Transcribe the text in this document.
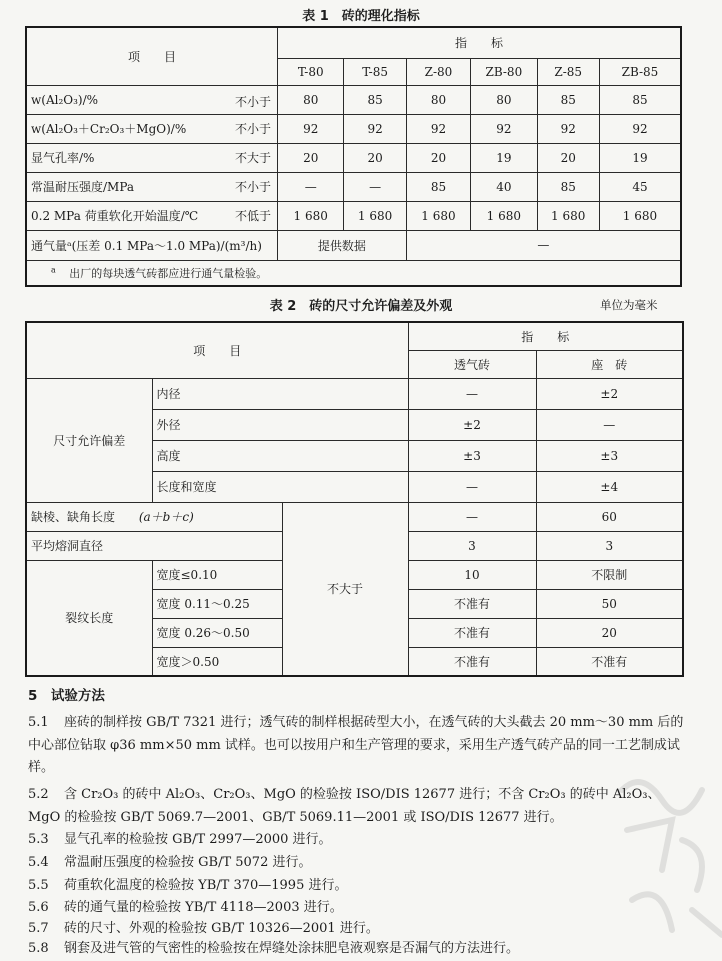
表 1　砖的理化指标
项　　目	指　　标					
	T-80	T-85	Z-80	ZB-80	Z-85	ZB-85
w(Al₂O₃)/% 不小于	80	85	80	80	85	85
w(Al₂O₃＋Cr₂O₃＋MgO)/% 不小于	92	92	92	92	92	92
显气孔率/% 不大于	20	20	20	19	20	19
常温耐压强度/MPa 不小于	—	—	85	40	85	45
0.2 MPa 荷重软化开始温度/℃ 不低于	1 680	1 680	1 680	1 680	1 680	1 680
通气量ᵃ(压差 0.1 MPa～1.0 MPa)/(m³/h)	提供数据		—			
$^a$ 出厂的每块透气砖都应进行通气量检验。						
表 2　砖的尺寸允许偏差及外观	单位为毫米
项　　目			指　　标	
			透气砖	座　砖
尺寸允许偏差	内径		—	±2
	外径		±2	—
	高度		±3	±3
	长度和宽度		—	±4
缺棱、缺角长度 (a＋b＋c)		不大于	—	60
平均熔洞直径			3	3
裂纹长度	宽度≤0.10		10	不限制
	宽度 0.11～0.25		不准有	50
	宽度 0.26～0.50		不准有	20
	宽度＞0.50		不准有	不准有
5　试验方法
5.1 座砖的制样按 GB/T 7321 进行；透气砖的制样根据砖型大小，在透气砖的大头截去 20 mm～30 mm 后的中心部位钻取 φ36 mm×50 mm 试样。也可以按用户和生产管理的要求，采用生产透气砖产品的同一工艺制成试样。
5.2 含 Cr₂O₃ 的砖中 Al₂O₃、Cr₂O₃、MgO 的检验按 ISO/DIS 12677 进行；不含 Cr₂O₃ 的砖中 Al₂O₃、MgO 的检验按 GB/T 5069.7—2001、GB/T 5069.11—2001 或 ISO/DIS 12677 进行。
5.3 显气孔率的检验按 GB/T 2997—2000 进行。
5.4 常温耐压强度的检验按 GB/T 5072 进行。
5.5 荷重软化温度的检验按 YB/T 370—1995 进行。
5.6 砖的通气量的检验按 YB/T 4118—2003 进行。
5.7 砖的尺寸、外观的检验按 GB/T 10326—2001 进行。
5.8 钢套及进气管的气密性的检验按在焊缝处涂抹肥皂液观察是否漏气的方法进行。
